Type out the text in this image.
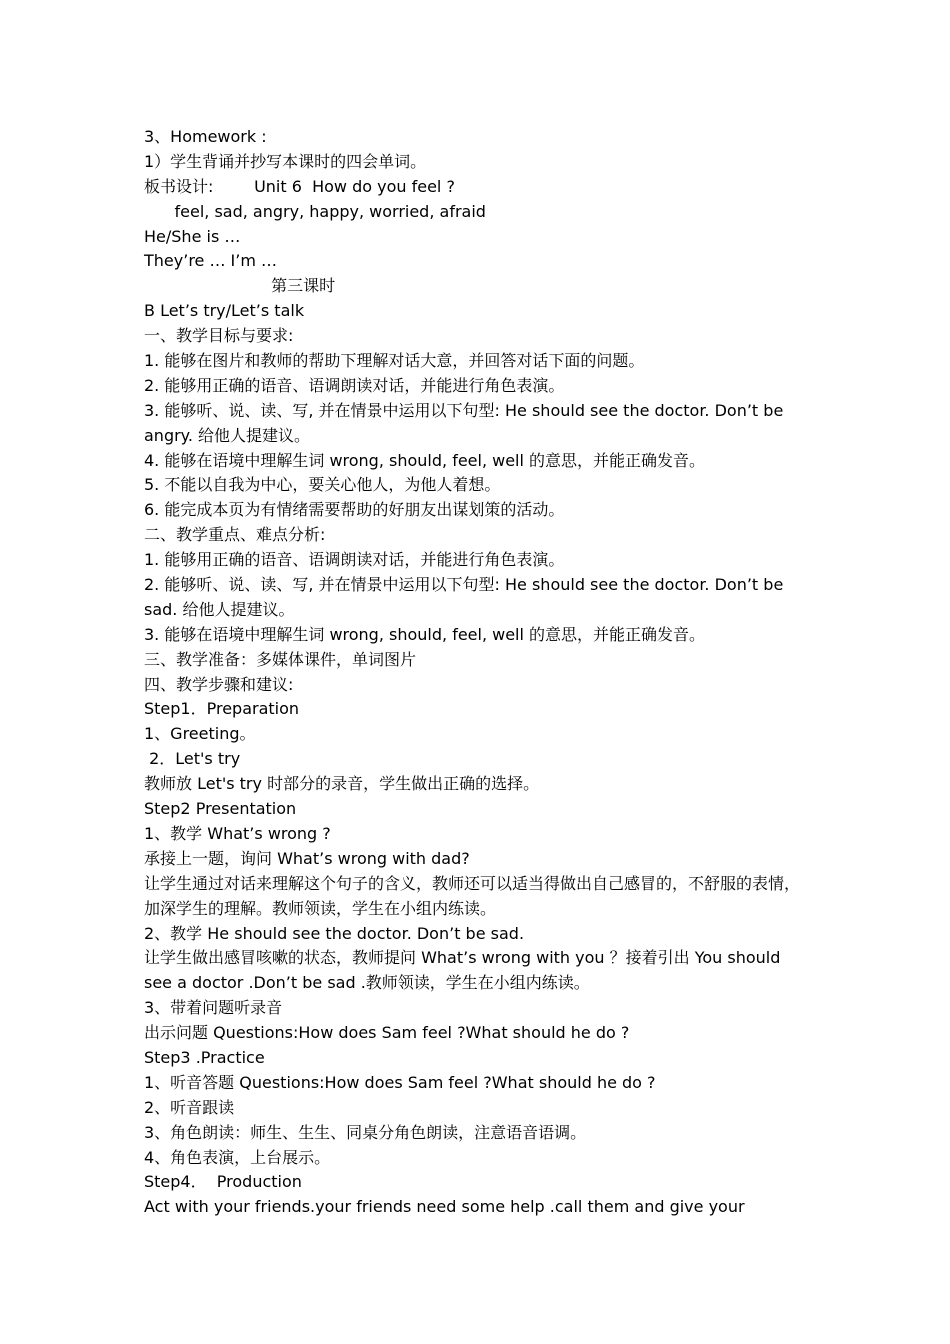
3、Homework :
1）学生背诵并抄写本课时的四会单词。
板书设计:        Unit 6  How do you feel ?
feel, sad, angry, happy, worried, afraid
He/She is …
They’re … I’m …
第三课时
B Let’s try/Let’s talk
一、教学目标与要求:
1. 能够在图片和教师的帮助下理解对话大意，并回答对话下面的问题。
2. 能够用正确的语音、语调朗读对话，并能进行角色表演。
3. 能够听、说、读、写, 并在情景中运用以下句型: He should see the doctor. Don’t be
angry. 给他人提建议。
4. 能够在语境中理解生词 wrong, should, feel, well 的意思，并能正确发音。
5. 不能以自我为中心，要关心他人，为他人着想。
6. 能完成本页为有情绪需要帮助的好朋友出谋划策的活动。
二、教学重点、难点分析:
1. 能够用正确的语音、语调朗读对话，并能进行角色表演。
2. 能够听、说、读、写, 并在情景中运用以下句型: He should see the doctor. Don’t be
sad. 给他人提建议。
3. 能够在语境中理解生词 wrong, should, feel, well 的意思，并能正确发音。
三、教学准备：多媒体课件，单词图片
四、教学步骤和建议:
Step1．Preparation
1、Greeting。
2．Let's try
教师放 Let's try 时部分的录音，学生做出正确的选择。
Step2 Presentation
1、教学 What’s wrong ?
承接上一题，询问 What’s wrong with dad?
让学生通过对话来理解这个句子的含义，教师还可以适当得做出自己感冒的，不舒服的表情，
加深学生的理解。教师领读，学生在小组内练读。
2、教学 He should see the doctor. Don’t be sad.
让学生做出感冒咳嗽的状态，教师提问 What’s wrong with you ？接着引出 You should
see a doctor .Don’t be sad .教师领读，学生在小组内练读。
3、带着问题听录音
出示问题 Questions:How does Sam feel ?What should he do ?
Step3 .Practice
1、听音答题 Questions:How does Sam feel ?What should he do ?
2、听音跟读
3、角色朗读：师生、生生、同桌分角色朗读，注意语音语调。
4、角色表演，上台展示。
Step4．  Production
Act with your friends.your friends need some help .call them and give your
